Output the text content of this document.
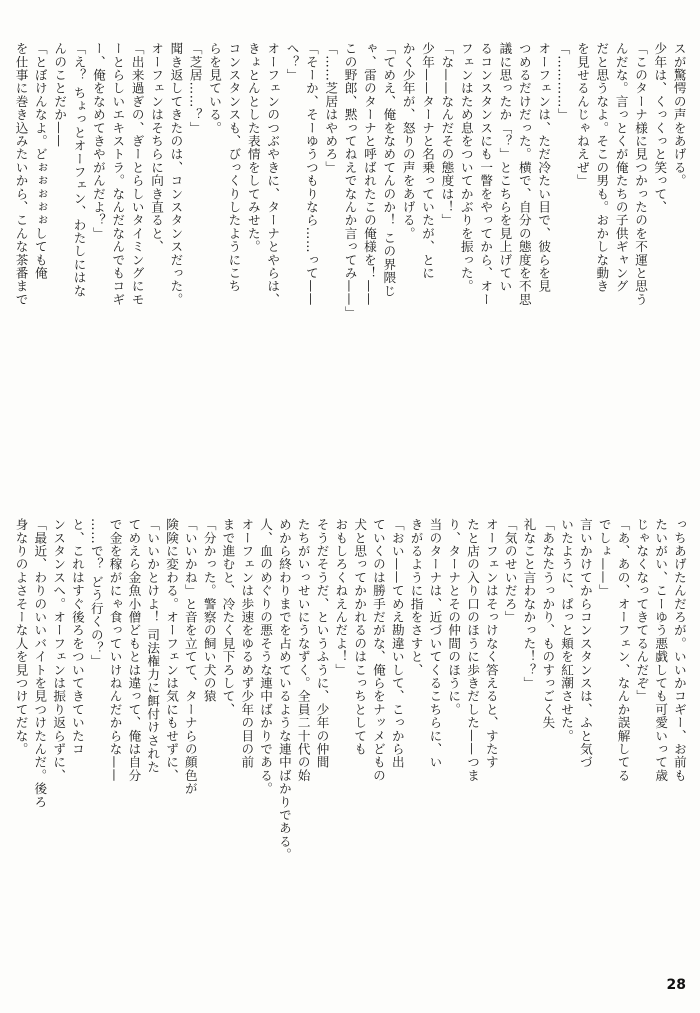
スが驚愕の声をあげる。
少年は、くっくっと笑って、
「このターナ様に見つかったのを不運と思う
んだな。言っとくが俺たちの子供ギャング
だと思うなよ。そこの男も。おかしな動き
を見せるんじゃねえぜ」
「…………」
オーフェンは、ただ冷たい目で、彼らを見
つめるだけだった。横で、自分の態度を不思
議に思ったか「？」とこちらを見上げてい
るコンスタンスにも一瞥をやってから、オー
フェンはため息をついてかぶりを振った。
「な——なんだその態度は！」
少年——ターナと名乗っていたが、とに
かく少年が、怒りの声をあげる。
「てめえ、俺をなめてんのか！ この界隈じ
ゃ、雷のターナと呼ばれたこの俺様を！——
この野郎、黙ってねえでなんか言ってみ——」
「……芝居はやめろ」
「そーか、そーゆうつもりなら……って——
へ？」
オーフェンのつぶやきに、ターナとやらは、
きょとんとした表情をしてみせた。
コンスタンスも、びっくりしたようにこち
らを見ている。
「芝居……？」
聞き返してきたのは、コンスタンスだった。
オーフェンはそちらに向き直ると、
「出来過ぎの、ぎーとらしいタイミングにモ
ーとらしいエキストラ。なんだなんでもコギ
ー、俺をなめてきやがんだよ？」
「え？ ちょっとオーフェン、わたしにはな
んのことだか——
「とぼけんなよ。どぉぉぉぉぉしても俺
を仕事に巻き込みたいから、こんな茶番まで
っちあげたんだろが。いいかコギー、お前も
たいがい、こーゆう悪戯しても可愛いって歳
じゃなくなってきてるんだぞ」
「あ、あの、オーフェン、なんか誤解してる
でしょ——」
言いかけてからコンスタンスは、ふと気づ
いたように、ぱっと頬を紅潮させた。
「あなたうっかり、ものすっごく失
礼なこと言わなかった！？」
「気のせいだろ」
オーフェンはそっけなく答えると、すたす
たと店の入り口のほうに歩きだした——つま
り、ターナとその仲間のほうに。
当のターナは、近づいてくるこちらに、い
きがるように指をさすと、
「おい——てめえ勘違いして、こっから出
ていくのは勝手だがな、俺らをナッメどもの
犬と思ってかかれるのはこっちとしても
おもしろくねえんだよ！」
そうだそうだ、というふうに、少年の仲間
たちがいっせいにうなずく。全員二十代の始
めから終わりまでを占めているような連中ばかりである。
人、血のめぐりの悪そうな連中ばかりである。
オーフェンは歩速をゆるめず少年の目の前
まで進むと、冷たく見下ろして、
「分かった。警察の飼い犬の猿
「いいかね」と音を立てて、ターナらの顔色が
険険に変わる。オーフェンは気にもせずに、
「いいかとけよ！ 司法権力に餌付けされた
てめえら金魚小僧どもとは違って、俺は自分
で金を稼がにゃ食っていけねんだからな——
……で？ どう行くの？」
と、これはすぐ後ろをついてきていたコ
ンスタンスへ。オーフェンは振り返らずに、
「最近、わりのいいバイトを見つけたんだ。後ろ
身なりのよさそーな人を見つけてだな。
28
